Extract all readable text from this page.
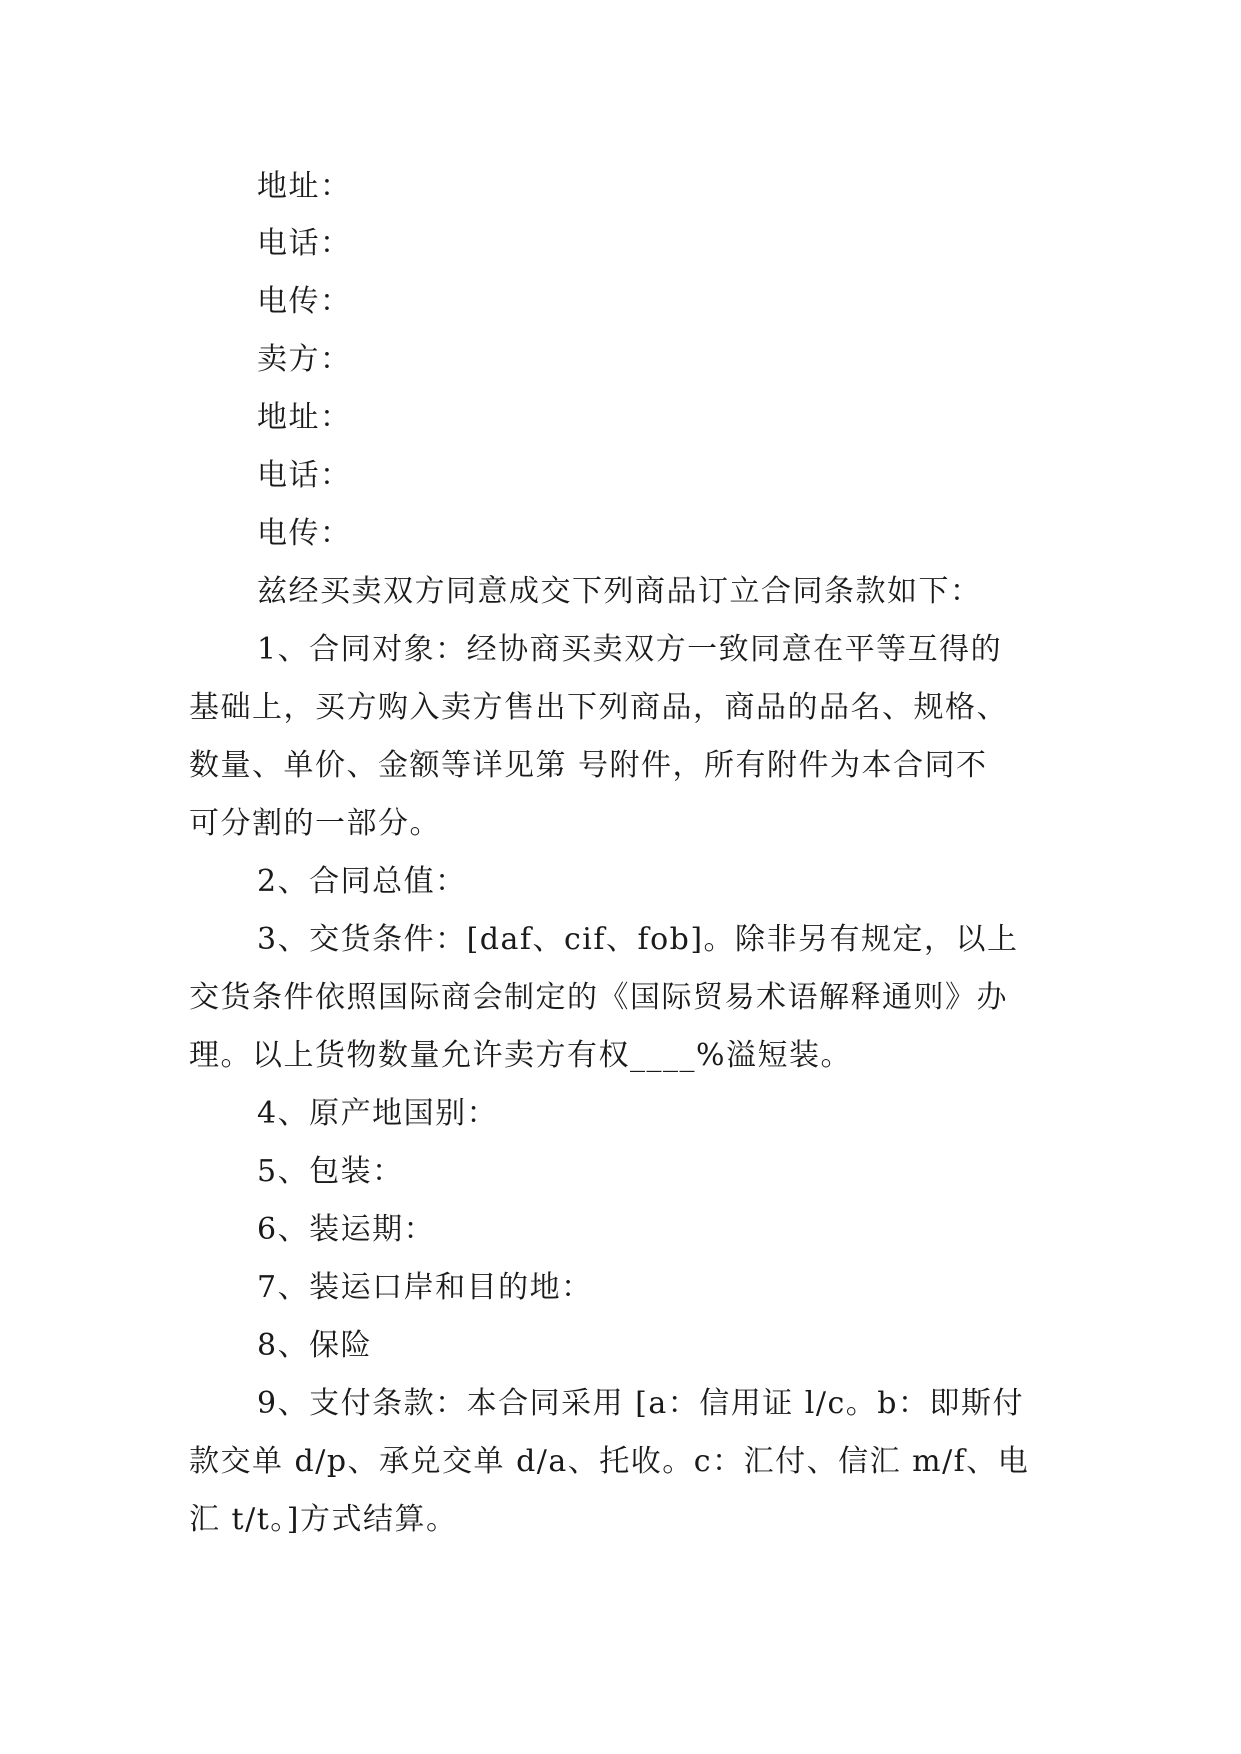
地址：
电话：
电传：
卖方：
地址：
电话：
电传：
兹经买卖双方同意成交下列商品订立合同条款如下：
1、合同对象：经协商买卖双方一致同意在平等互得的
基础上，买方购入卖方售出下列商品，商品的品名、规格、
数量、单价、金额等详见第 号附件，所有附件为本合同不
可分割的一部分。
2、合同总值：
3、交货条件：[daf、cif、fob]。除非另有规定，以上
交货条件依照国际商会制定的《国际贸易术语解释通则》办
理。以上货物数量允许卖方有权____%溢短装。
4、原产地国别：
5、包装：
6、装运期：
7、装运口岸和目的地：
8、保险
9、支付条款：本合同采用 [a：信用证 l/c。b：即斯付
款交单 d/p、承兑交单 d/a、托收。c：汇付、信汇 m/f、电
汇 t/t。]方式结算。
